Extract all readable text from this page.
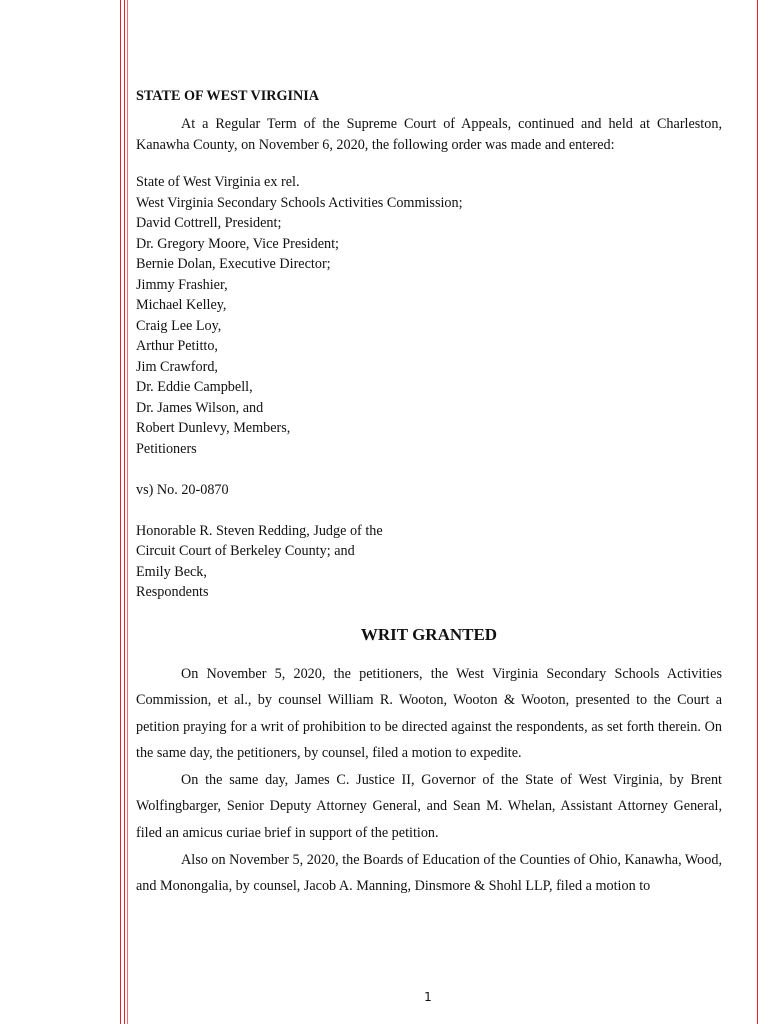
STATE OF WEST VIRGINIA

At a Regular Term of the Supreme Court of Appeals, continued and held at Charleston, Kanawha County, on November 6, 2020, the following order was made and entered:

State of West Virginia ex rel.
West Virginia Secondary Schools Activities Commission;
David Cottrell, President;
Dr. Gregory Moore, Vice President;
Bernie Dolan, Executive Director;
Jimmy Frashier,
Michael Kelley,
Craig Lee Loy,
Arthur Petitto,
Jim Crawford,
Dr. Eddie Campbell,
Dr. James Wilson, and
Robert Dunlevy, Members,
Petitioners
vs) No. 20-0870
Honorable R. Steven Redding, Judge of the
Circuit Court of Berkeley County; and
Emily Beck,
Respondents
WRIT GRANTED

On November 5, 2020, the petitioners, the West Virginia Secondary Schools Activities Commission, et al., by counsel William R. Wooton, Wooton & Wooton, presented to the Court a petition praying for a writ of prohibition to be directed against the respondents, as set forth therein. On the same day, the petitioners, by counsel, filed a motion to expedite.

On the same day, James C. Justice II, Governor of the State of West Virginia, by Brent Wolfingbarger, Senior Deputy Attorney General, and Sean M. Whelan, Assistant Attorney General, filed an amicus curiae brief in support of the petition.

Also on November 5, 2020, the Boards of Education of the Counties of Ohio, Kanawha, Wood, and Monongalia, by counsel, Jacob A. Manning, Dinsmore & Shohl LLP, filed a motion to

1
